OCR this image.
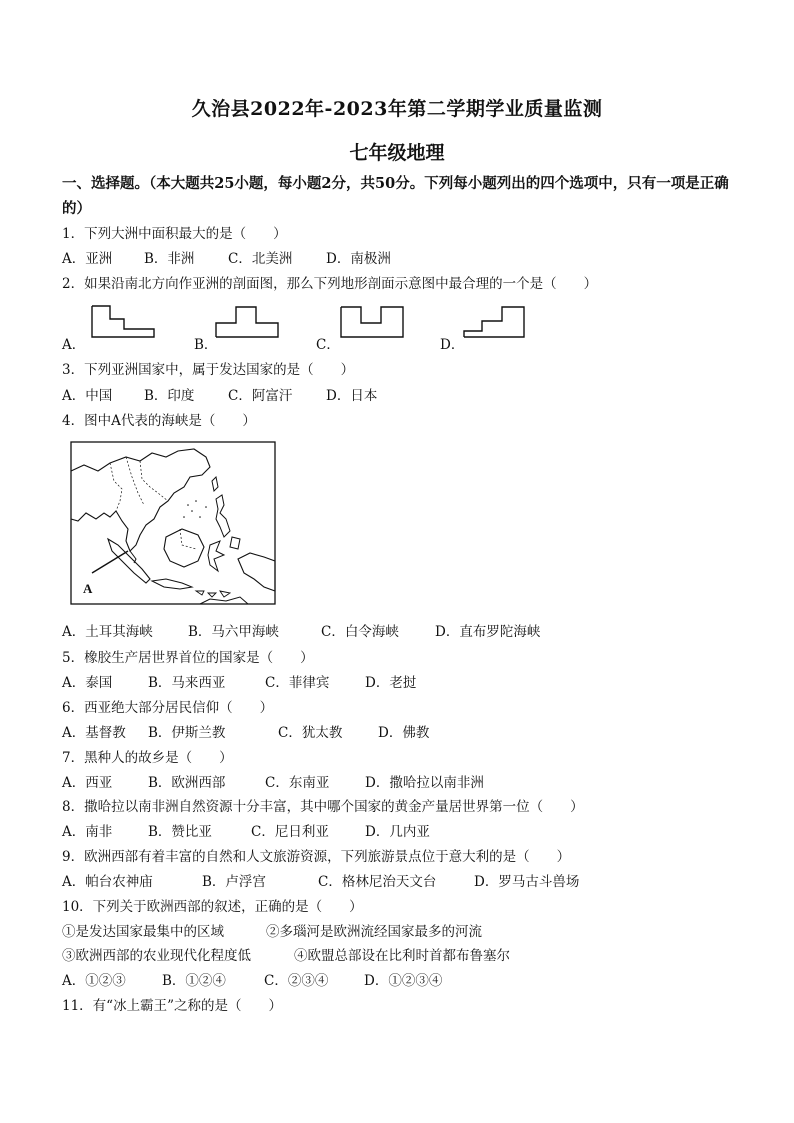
久治县2022年-2023年第二学期学业质量监测
七年级地理
一、选择题。（本大题共25小题，每小题2分，共50分。下列每小题列出的四个选项中，只有一项是正确的）
1．下列大洲中面积最大的是（　　）
A．亚洲 B．非洲 C．北美洲 D．南极洲
2．如果沿南北方向作亚洲的剖面图，那么下列地形剖面示意图中最合理的一个是（　　）
A．	B．	C．	D．
3．下列亚洲国家中，属于发达国家的是（　　）
A．中国 B．印度 C．阿富汗 D．日本
4．图中A代表的海峡是（　　）
A
A．土耳其海峡	B．马六甲海峡	C．白令海峡	D．直布罗陀海峡
5．橡胶生产居世界首位的国家是（　　）
A．泰国	B．马来西亚	C．菲律宾	D．老挝
6．西亚绝大部分居民信仰（　　）
A．基督教 B．伊斯兰教	C．犹太教	D．佛教
7．黑种人的故乡是（　　）
A．西亚	B．欧洲西部	C．东南亚	D．撒哈拉以南非洲
8．撒哈拉以南非洲自然资源十分丰富，其中哪个国家的黄金产量居世界第一位（　　）
A．南非	B．赞比亚	C．尼日利亚	D．几内亚
9．欧洲西部有着丰富的自然和人文旅游资源，下列旅游景点位于意大利的是（　　）
A．帕台农神庙	B．卢浮宫	C．格林尼治天文台	D．罗马古斗兽场
10．下列关于欧洲西部的叙述，正确的是（　　）
①是发达国家最集中的区域	②多瑙河是欧洲流经国家最多的河流
③欧洲西部的农业现代化程度低	④欧盟总部设在比利时首都布鲁塞尔
A．①②③	B．①②④	C．②③④	D．①②③④
11．有“冰上霸王”之称的是（　　）
